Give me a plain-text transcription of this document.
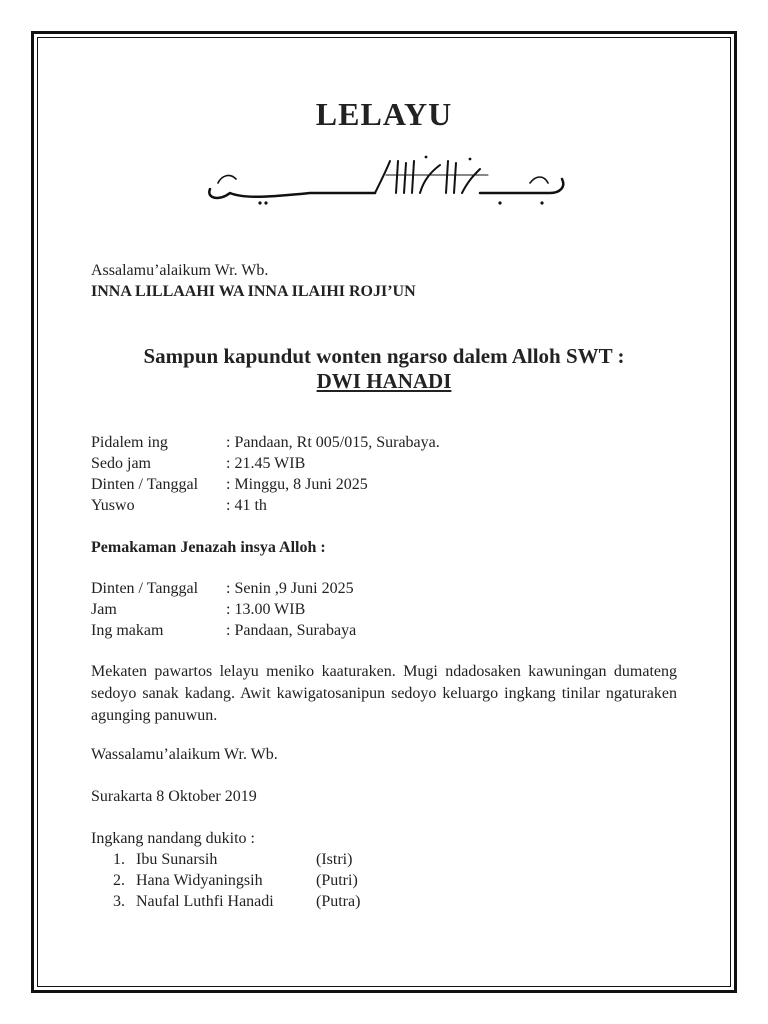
LELAYU
Assalamu’alaikum Wr. Wb.
INNA LILLAAHI WA INNA ILAIHI ROJI’UN
Sampun kapundut wonten ngarso dalem Alloh SWT :
DWI HANADI
Pidalem ing	: Pandaan, Rt 005/015, Surabaya.
Sedo jam	: 21.45 WIB
Dinten / Tanggal : Minggu, 8 Juni 2025
Yuswo	: 41 th
Pemakaman Jenazah insya Alloh :
Dinten / Tanggal : Senin ,9 Juni 2025
Jam	: 13.00 WIB
Ing makam	: Pandaan, Surabaya
Mekaten pawartos lelayu meniko kaaturaken. Mugi ndadosaken kawuningan dumateng sedoyo sanak kadang. Awit kawigatosanipun sedoyo keluargo ingkang tinilar ngaturaken agunging panuwun.
Wassalamu’alaikum Wr. Wb.
Surakarta 8 Oktober 2019
Ingkang nandang dukito :
1. Ibu Sunarsih	(Istri)
2. Hana Widyaningsih	(Putri)
3. Naufal Luthfi Hanadi	(Putra)
